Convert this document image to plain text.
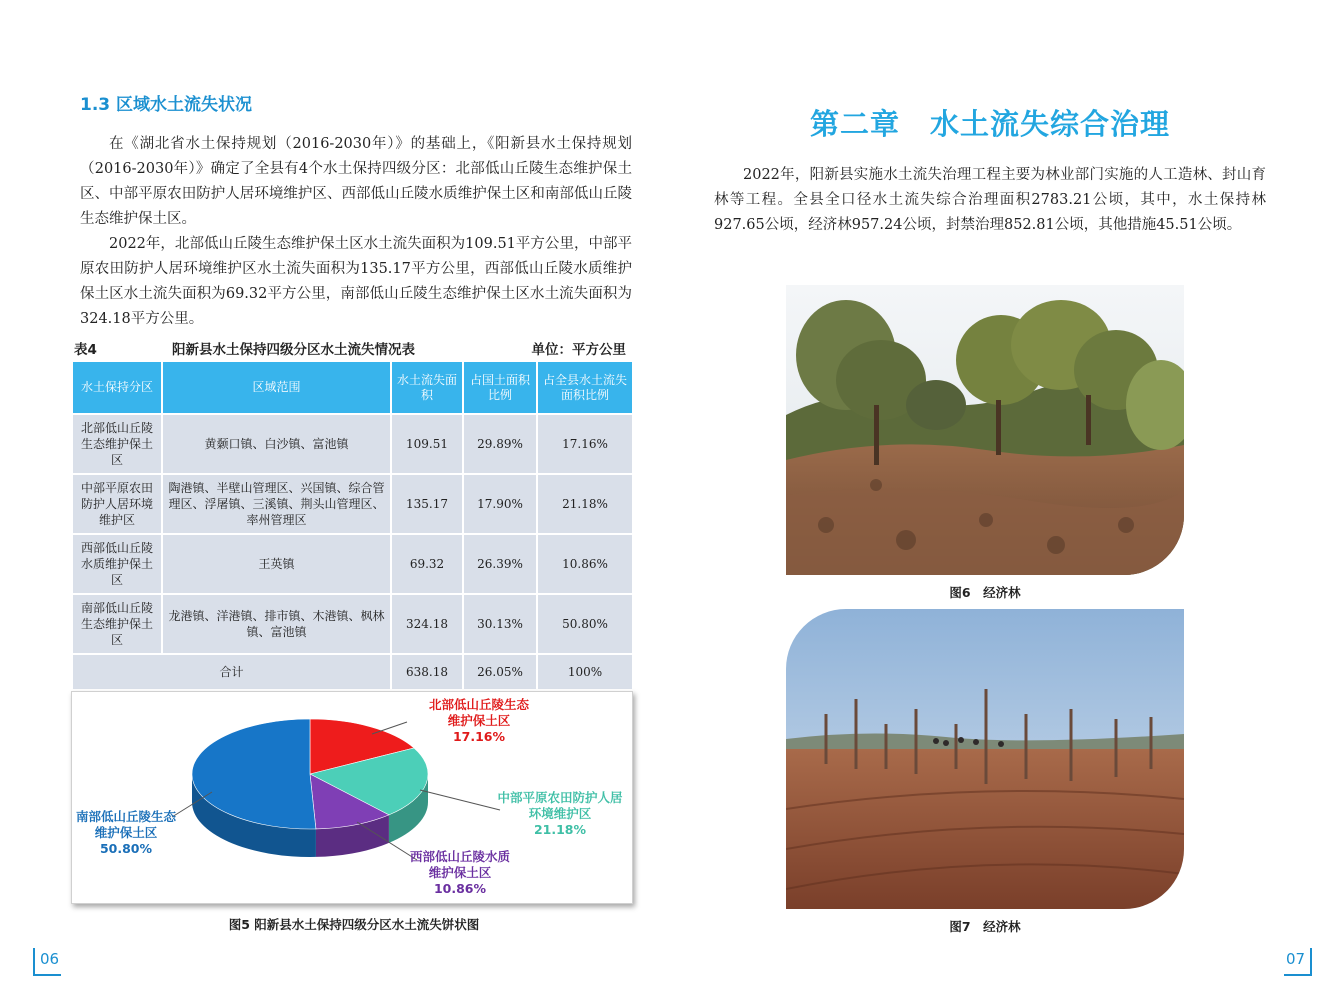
1.3 区域水土流失状况

在《湖北省水土保持规划（2016-2030年）》的基础上，《阳新县水土保持规划（2016-2030年）》确定了全县有4个水土保持四级分区：北部低山丘陵生态维护保土区、中部平原农田防护人居环境维护区、西部低山丘陵水质维护保土区和南部低山丘陵生态维护保土区。

2022年，北部低山丘陵生态维护保土区水土流失面积为109.51平方公里，中部平原农田防护人居环境维护区水土流失面积为135.17平方公里，西部低山丘陵水质维护保土区水土流失面积为69.32平方公里，南部低山丘陵生态维护保土区水土流失面积为324.18平方公里。

表4	阳新县水土保持四级分区水土流失情况表	单位：平方公里
水土保持分区	区域范围	水土流失面积	占国土面积比例	占全县水土流失面积比例
北部低山丘陵生态维护保土区	黄颡口镇、白沙镇、富池镇	109.51	29.89%	17.16%
中部平原农田防护人居环境维护区	陶港镇、半壁山管理区、兴国镇、综合管理区、浮屠镇、三溪镇、荆头山管理区、率州管理区	135.17	17.90%	21.18%
西部低山丘陵水质维护保土区	王英镇	69.32	26.39%	10.86%
南部低山丘陵生态维护保土区	龙港镇、洋港镇、排市镇、木港镇、枫林镇、富池镇	324.18	30.13%	50.80%
合计		638.18	26.05%	100%
北部低山丘陵生态维护保土区
17.16%
中部平原农田防护人居环境维护区
21.18%
西部低山丘陵水质维护保土区
10.86%
南部低山丘陵生态维护保土区
50.80%
图5 阳新县水土保持四级分区水土流失饼状图
06
第二章　水土流失综合治理

2022年，阳新县实施水土流失治理工程主要为林业部门实施的人工造林、封山育林等工程。全县全口径水土流失综合治理面积2783.21公顷，其中，水土保持林927.65公顷，经济林957.24公顷，封禁治理852.81公顷，其他措施45.51公顷。

图6　经济林
图7　经济林
07
